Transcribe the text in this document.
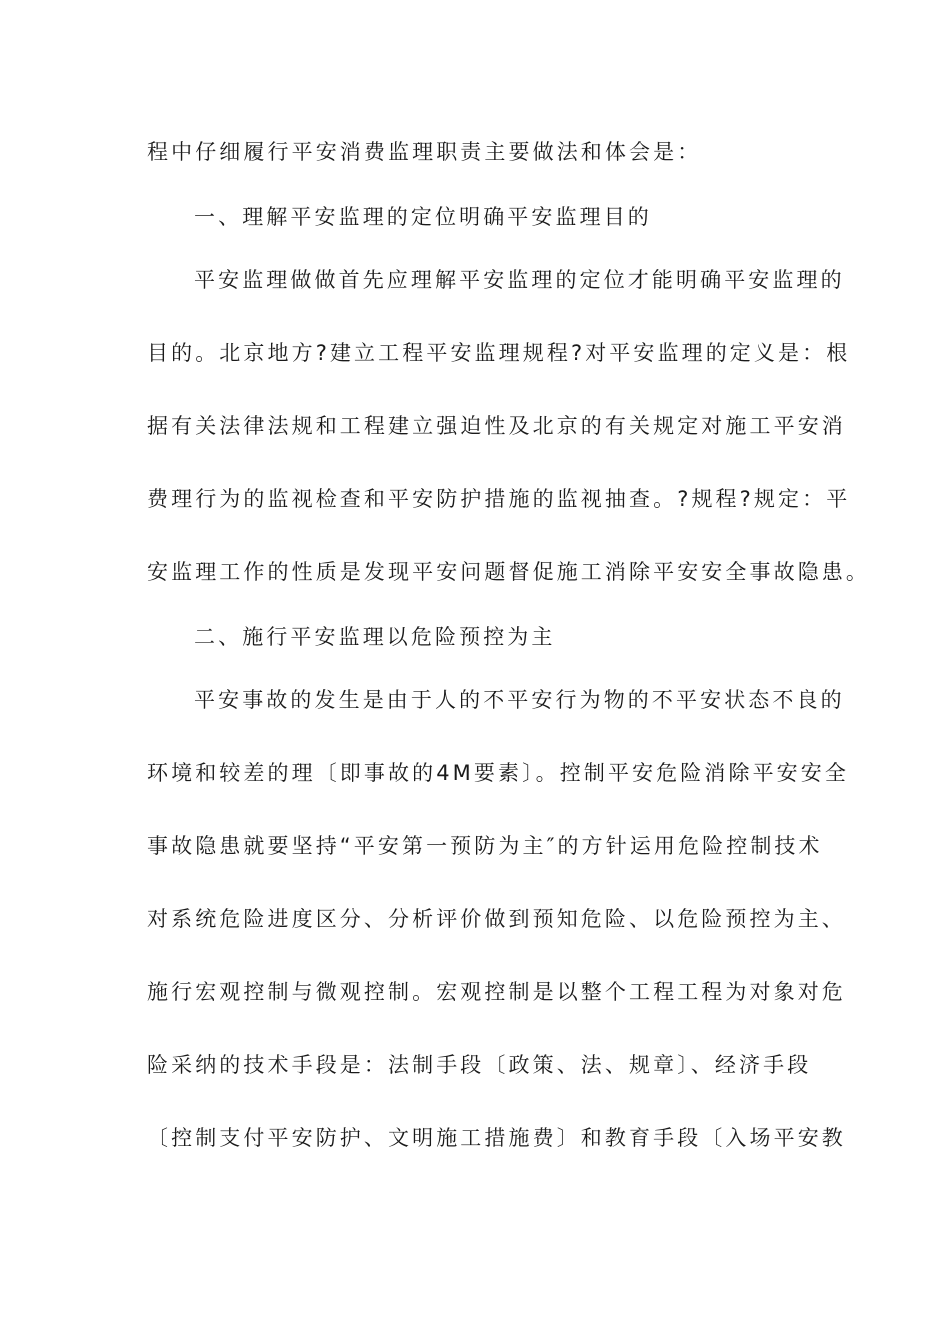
程中仔细履行平安消费监理职责主要做法和体会是：
一、理解平安监理的定位明确平安监理目的
平安监理做做首先应理解平安监理的定位才能明确平安监理的
目的。北京地方?建立工程平安监理规程?对平安监理的定义是：根
据有关法律法规和工程建立强迫性及北京的有关规定对施工平安消
费理行为的监视检查和平安防护措施的监视抽查。?规程?规定：平
安监理工作的性质是发现平安问题督促施工消除平安安全事故隐患。
二、施行平安监理以危险预控为主
平安事故的发生是由于人的不平安行为物的不平安状态不良的
环境和较差的理〔即事故的4M要素〕。控制平安危险消除平安安全
事故隐患就要坚持“平安第一预防为主″的方针运用危险控制技术
对系统危险进度区分、分析评价做到预知危险、以危险预控为主、
施行宏观控制与微观控制。宏观控制是以整个工程工程为对象对危
险采纳的技术手段是：法制手段〔政策、法、规章〕、经济手段
〔控制支付平安防护、文明施工措施费〕和教育手段〔入场平安教
